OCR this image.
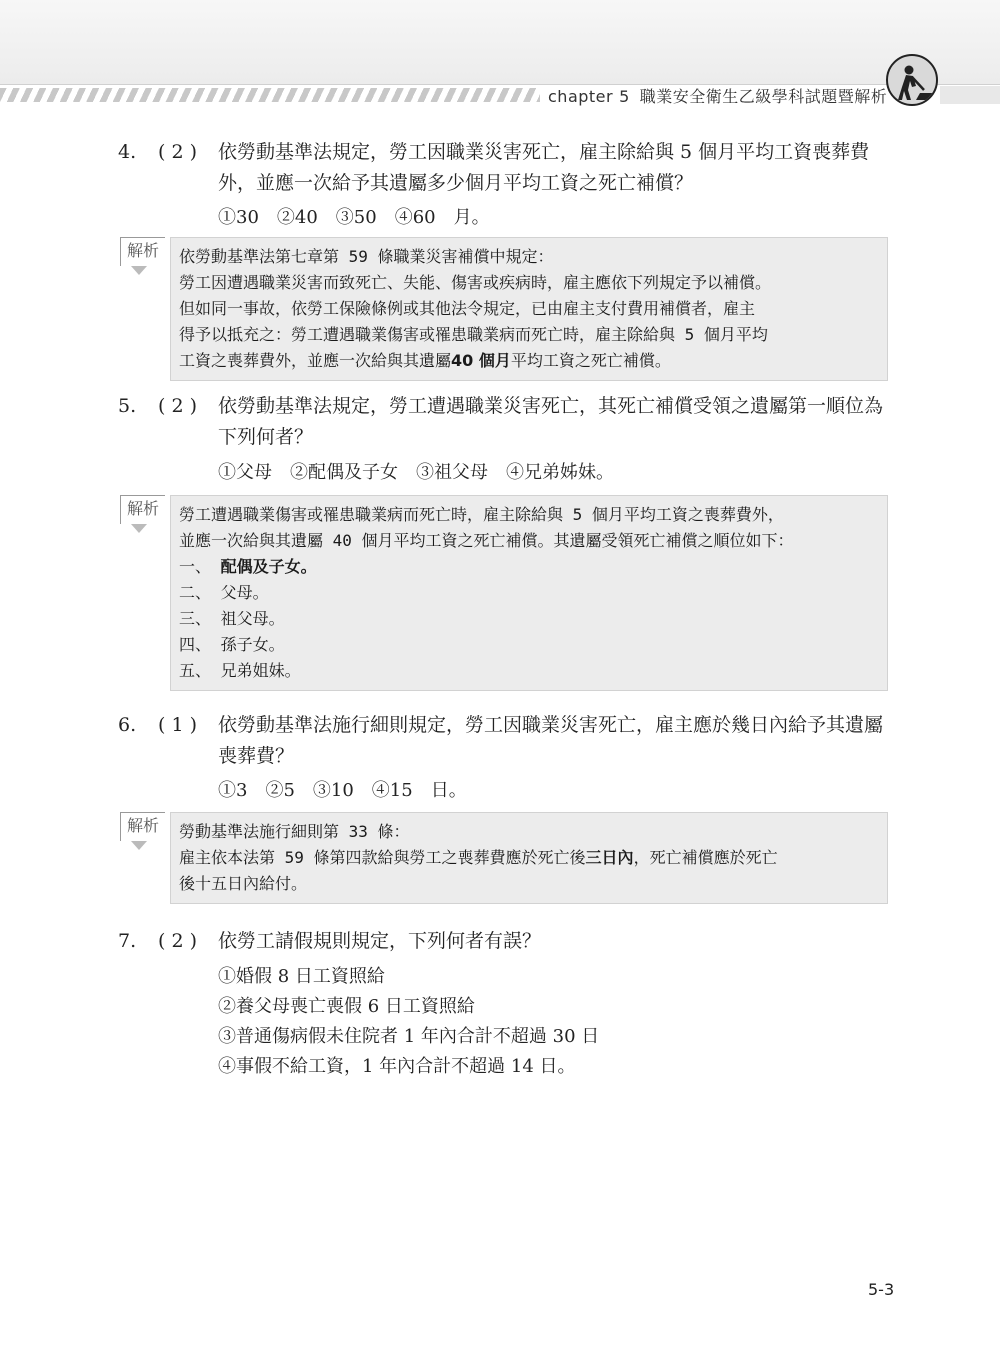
chapter 5 職業安全衛生乙級學科試題暨解析
4. ( 2 ) 依勞動基準法規定，勞工因職業災害死亡，雇主除給與 5 個月平均工資喪葬費外，並應一次給予其遺屬多少個月平均工資之死亡補償？
①30　②40　③50　④60　月。
解析	依勞動基準法第七章第 59 條職業災害補償中規定：
勞工因遭遇職業災害而致死亡、失能、傷害或疾病時，雇主應依下列規定予以補償。
但如同一事故，依勞工保險條例或其他法令規定，已由雇主支付費用補償者，雇主
得予以抵充之：勞工遭遇職業傷害或罹患職業病而死亡時，雇主除給與 5 個月平均
工資之喪葬費外，並應一次給與其遺屬40 個月平均工資之死亡補償。
5. ( 2 ) 依勞動基準法規定，勞工遭遇職業災害死亡，其死亡補償受領之遺屬第一順位為下列何者？
①父母　②配偶及子女　③祖父母　④兄弟姊妹。
解析	勞工遭遇職業傷害或罹患職業病而死亡時，雇主除給與 5 個月平均工資之喪葬費外，
並應一次給與其遺屬 40 個月平均工資之死亡補償。其遺屬受領死亡補償之順位如下：
一、 配偶及子女。
二、 父母。
三、 祖父母。
四、 孫子女。
五、 兄弟姐妹。
6. ( 1 ) 依勞動基準法施行細則規定，勞工因職業災害死亡，雇主應於幾日內給予其遺屬喪葬費？
①3　②5　③10　④15　日。
解析	勞動基準法施行細則第 33 條：
雇主依本法第 59 條第四款給與勞工之喪葬費應於死亡後三日內，死亡補償應於死亡
後十五日內給付。
7. ( 2 ) 依勞工請假規則規定，下列何者有誤？
①婚假 8 日工資照給
②養父母喪亡喪假 6 日工資照給
③普通傷病假未住院者 1 年內合計不超過 30 日
④事假不給工資，1 年內合計不超過 14 日。
5-3
